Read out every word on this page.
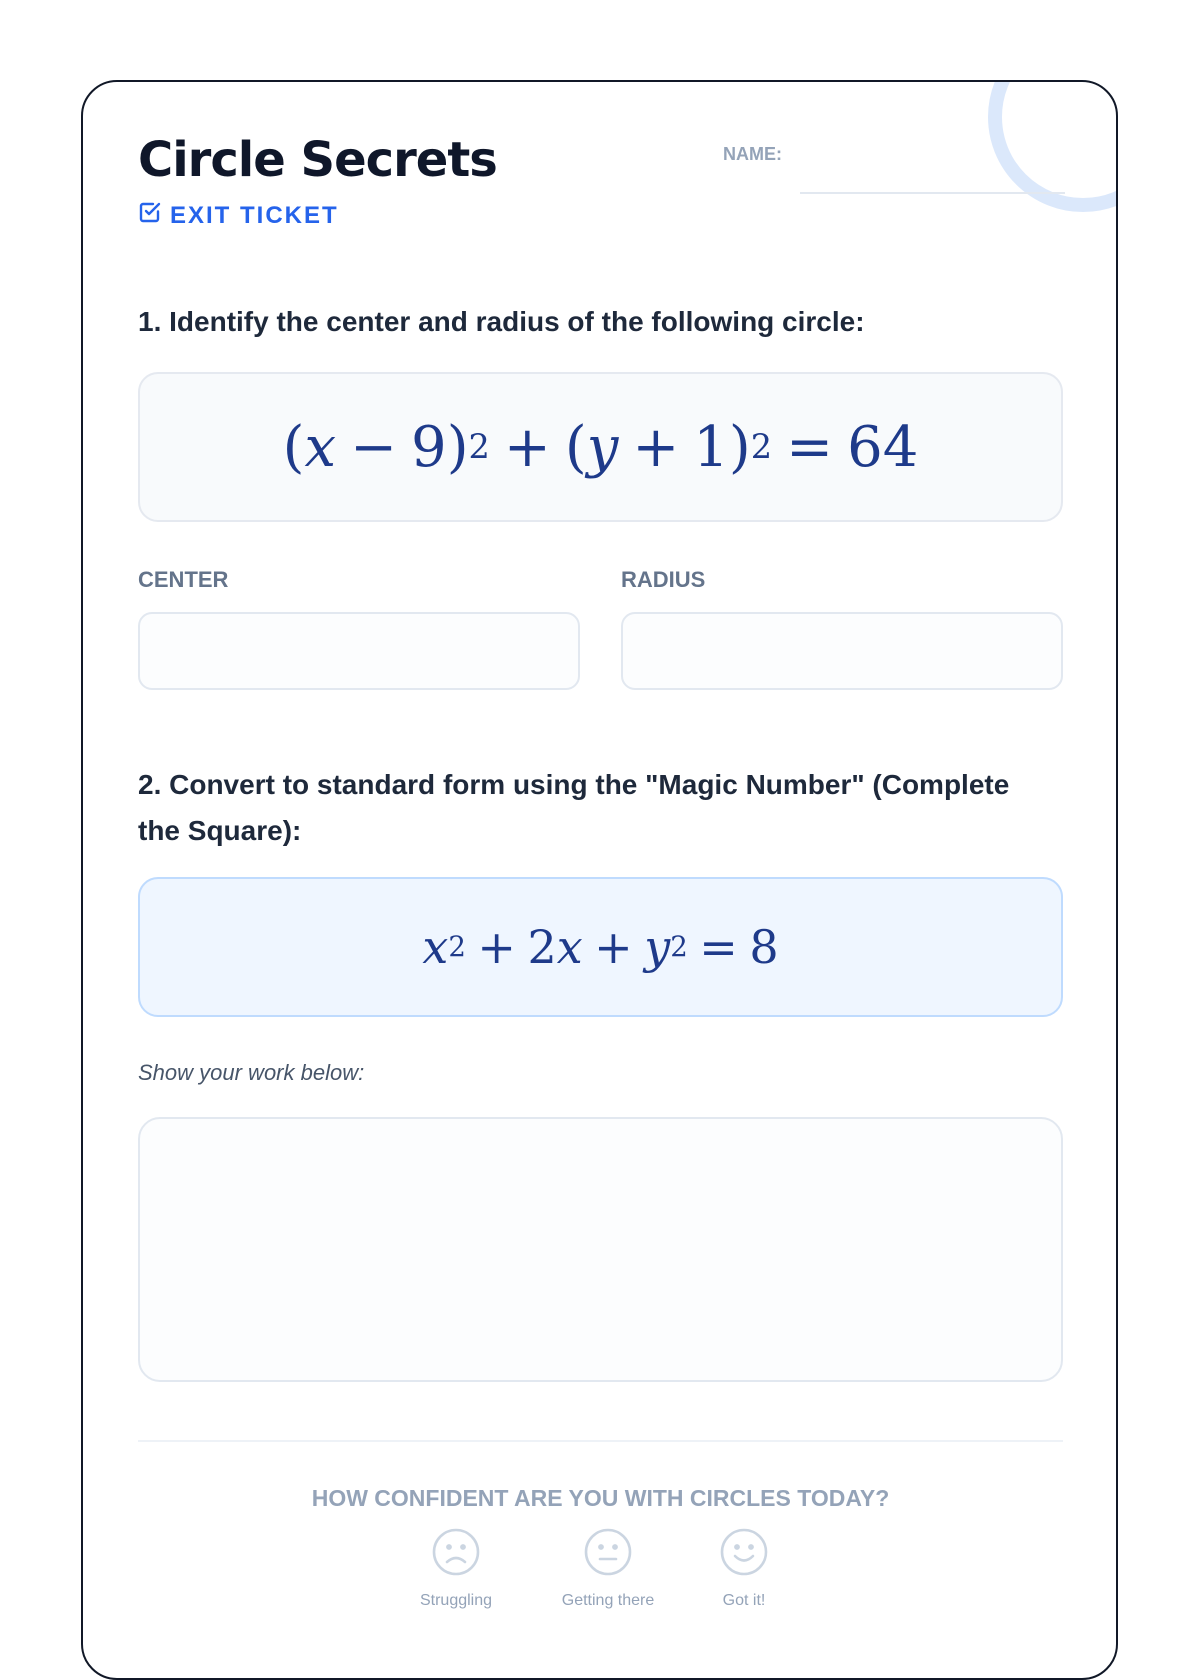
Circle Secrets
EXIT TICKET
NAME:

1. Identify the center and radius of the following circle:

( x − 9 ) 2 + ( y + 1 ) 2 = 64
CENTER	RADIUS

2. Convert to standard form using the "Magic Number" (Complete the Square):

x 2 + 2 x + y 2 = 8
Show your work below:
HOW CONFIDENT ARE YOU WITH CIRCLES TODAY?
Struggling	Getting there	Got it!
